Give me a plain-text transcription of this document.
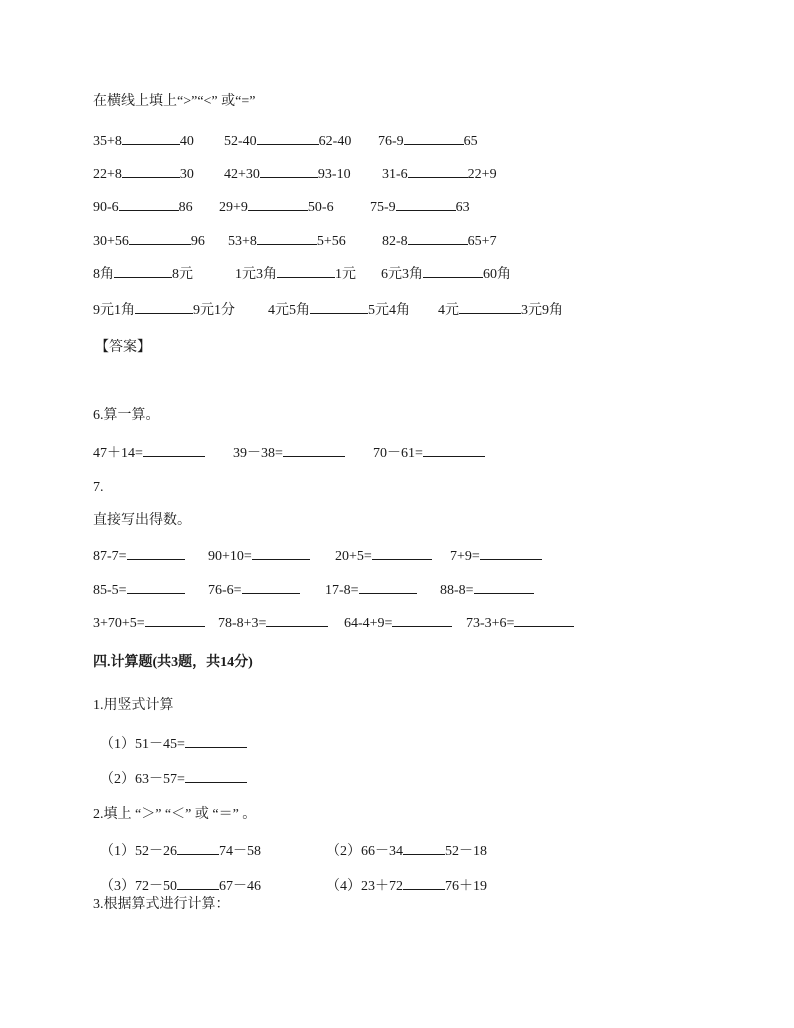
在横线上填上“>”“<” 或“=”
35+8	40 52-40	62-40 76-9	65
22+8	30 42+30	93-10 31-6	22+9
90-6	86 29+9	50-6	75-9	63
30+56	96 53+8	5+56	82-8	65+7
8角	8元	1元3角	1元 6元3角	60角
9元1角	9元1分 4元5角	5元4角 4元	3元9角
【答案】
6.算一算。
47＋14=	39－38=	70－61=
7.
直接写出得数。
87-7=	90+10=	20+5=	7+9=
85-5=	76-6=	17-8=	88-8=
3+70+5=	78-8+3=	64-4+9=	73-3+6=
四.计算题(共3题，共14分)
1.用竖式计算
（1）51－45=
（2）63－57=
2.填上 “＞” “＜” 或 “＝” 。
（1）52－26	74－58	（2）66－34	52－18
（3）72－50	67－46	（4）23＋72	76＋19
3.根据算式进行计算：
